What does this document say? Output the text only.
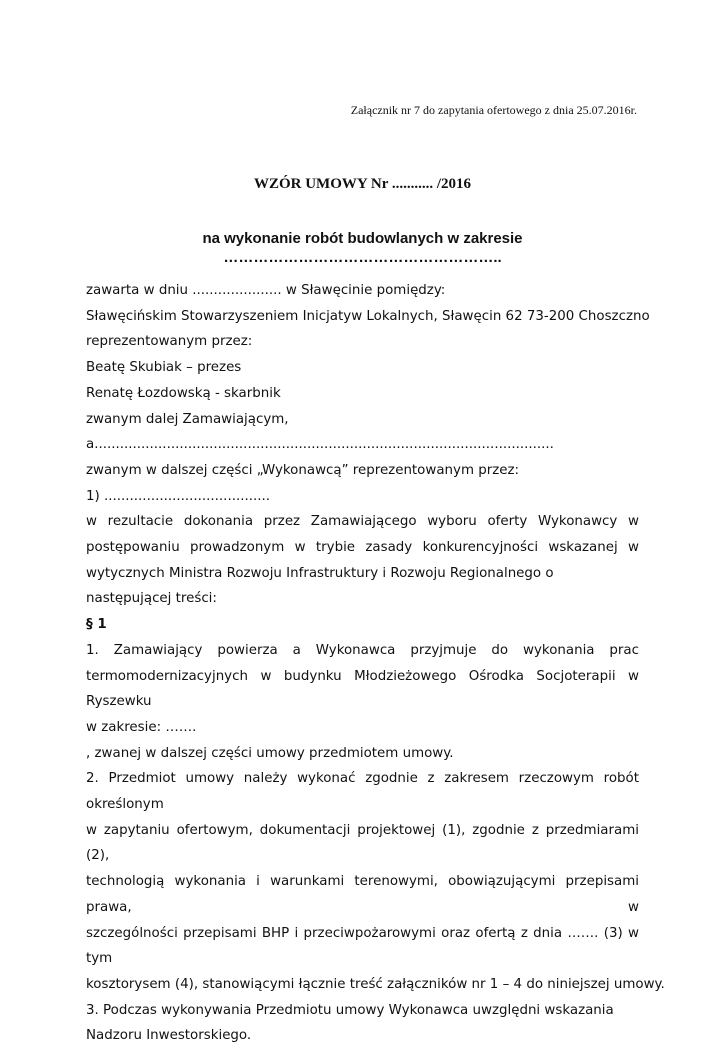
Załącznik nr 7 do zapytania ofertowego z dnia 25.07.2016r.
WZÓR UMOWY Nr ........... /2016
na wykonanie robót budowlanych w zakresie
………………………………………………..
zawarta w dniu ..................... w Sławęcinie pomiędzy:
Sławęcińskim Stowarzyszeniem Inicjatyw Lokalnych, Sławęcin 62 73-200 Choszczno
reprezentowanym przez:
Beatę Skubiak – prezes
Renatę Łozdowską - skarbnik
zwanym dalej Zamawiającym,
a............................................................................................................
zwanym w dalszej części „Wykonawcą” reprezentowanym przez:
1) .......................................
w rezultacie dokonania przez Zamawiającego wyboru oferty Wykonawcy w
postępowaniu prowadzonym w trybie zasady konkurencyjności wskazanej w
wytycznych Ministra Rozwoju Infrastruktury i Rozwoju Regionalnego o
następującej treści:
§ 1
1. Zamawiający powierza a Wykonawca przyjmuje do wykonania prac
termomodernizacyjnych w budynku Młodzieżowego Ośrodka Socjoterapii w Ryszewku
w zakresie: …….
, zwanej w dalszej części umowy przedmiotem umowy.
2. Przedmiot umowy należy wykonać zgodnie z zakresem rzeczowym robót określonym
w zapytaniu ofertowym, dokumentacji projektowej (1), zgodnie z przedmiarami (2),
technologią wykonania i warunkami terenowymi, obowiązującymi przepisami prawa, w
szczególności przepisami BHP i przeciwpożarowymi oraz ofertą z dnia ……. (3) w tym
kosztorysem (4), stanowiącymi łącznie treść załączników nr 1 – 4 do niniejszej umowy.
3. Podczas wykonywania Przedmiotu umowy Wykonawca uwzględni wskazania
Nadzoru Inwestorskiego.
